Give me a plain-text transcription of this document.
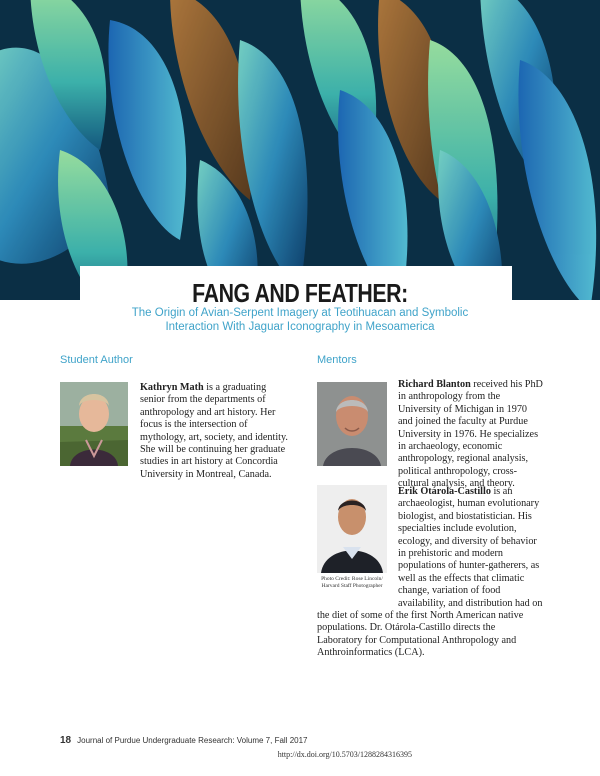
FANG AND FEATHER:
The Origin of Avian-Serpent Imagery at Teotihuacan and Symbolic Interaction With Jaguar Iconography in Mesoamerica
Student Author
Kathryn Math is a graduating senior from the departments of anthropology and art history. Her focus is the intersection of mythology, art, society, and identity. She will be continuing her graduate studies in art history at Concordia University in Montreal, Canada.
Mentors
Richard Blanton received his PhD in anthropology from the University of Michigan in 1970 and joined the faculty at Purdue University in 1976. He specializes in archaeology, economic anthropology, regional analysis, political anthropology, cross-cultural analysis, and theory.
Photo Credit: Rose Lincoln/ Harvard Staff Photographer
Erik Otárola-Castillo is an archaeologist, human evolutionary biologist, and biostatistician. His specialties include evolution, ecology, and diversity of behavior in prehistoric and modern populations of hunter-gatherers, as well as the effects that climatic change, variation of food availability, and distribution had on the diet of some of the first North American native populations. Dr. Otárola-Castillo directs the Laboratory for Computational Anthropology and Anthroinformatics (LCA).
18 Journal of Purdue Undergraduate Research: Volume 7, Fall 2017
http://dx.doi.org/10.5703/1288284316395
